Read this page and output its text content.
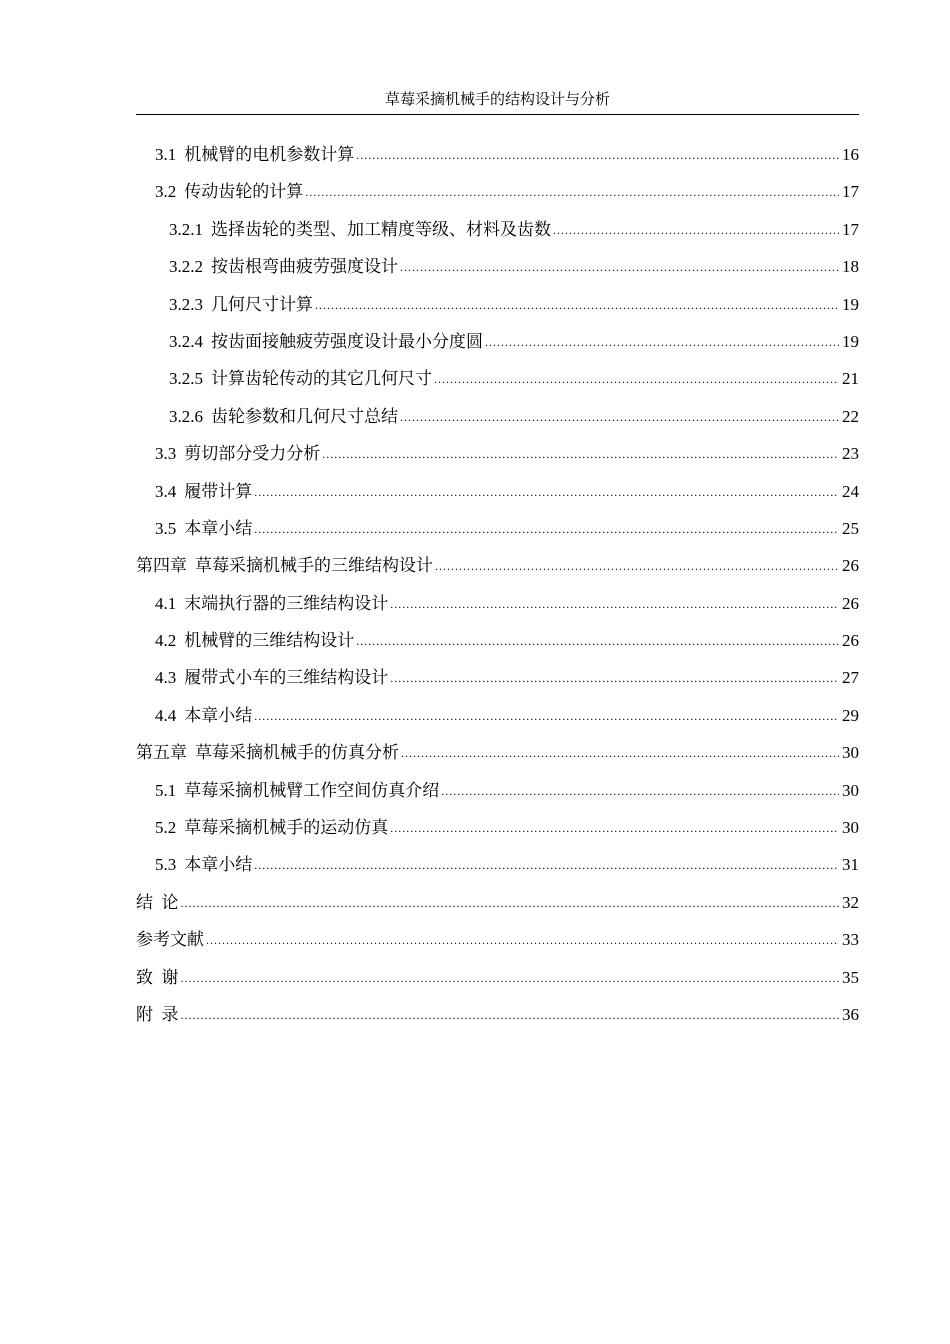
草莓采摘机械手的结构设计与分析
3.1 机械臂的电机参数计算 .....	16
3.2 传动齿轮的计算 .....	17
3.2.1 选择齿轮的类型、加工精度等级、材料及齿数 .....	17
3.2.2 按齿根弯曲疲劳强度设计 .....	18
3.2.3 几何尺寸计算 .....	19
3.2.4 按齿面接触疲劳强度设计最小分度圆 .....	19
3.2.5 计算齿轮传动的其它几何尺寸 .....	21
3.2.6 齿轮参数和几何尺寸总结 .....	22
3.3 剪切部分受力分析 .....	23
3.4 履带计算 .....	24
3.5 本章小结 .....	25
第四章 草莓采摘机械手的三维结构设计 .....	26
4.1 末端执行器的三维结构设计 .....	26
4.2 机械臂的三维结构设计 .....	26
4.3 履带式小车的三维结构设计 .....	27
4.4 本章小结 .....	29
第五章 草莓采摘机械手的仿真分析 .....	30
5.1 草莓采摘机械臂工作空间仿真介绍 .....	30
5.2 草莓采摘机械手的运动仿真 .....	30
5.3 本章小结 .....	31
结  论 .....	32
参考文献 .....	33
致  谢 .....	35
附  录 .....	36
